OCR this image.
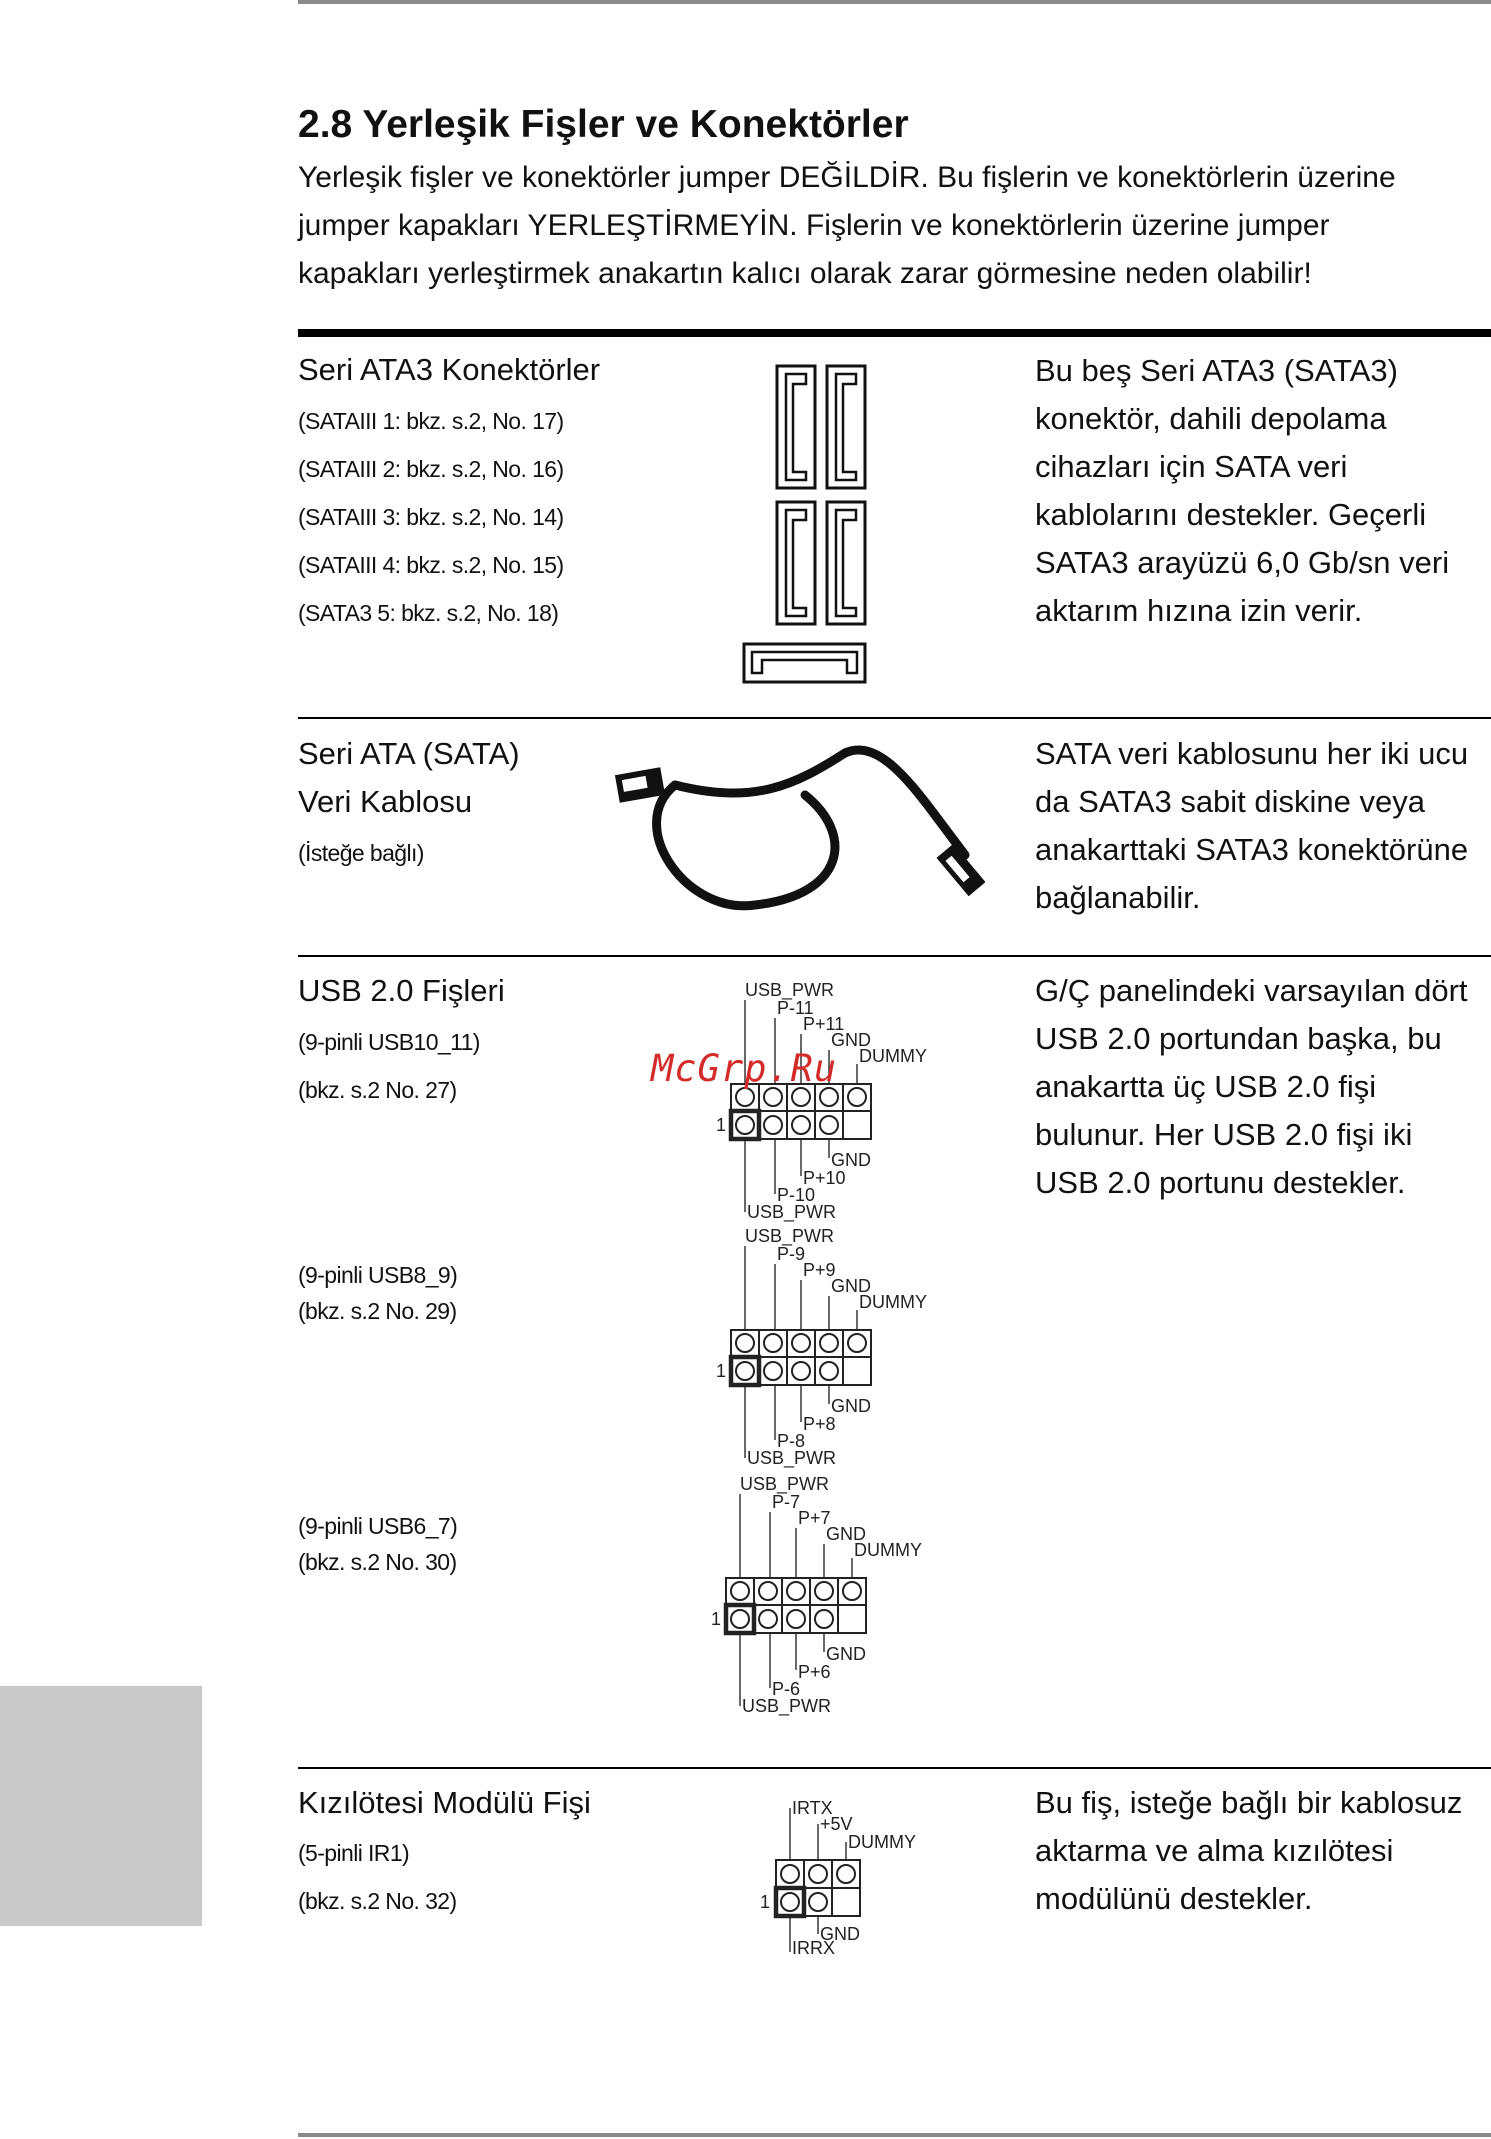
2.8 Yerleşik Fişler ve Konektörler
Yerleşik fişler ve konektörler jumper DEĞİLDİR. Bu fişlerin ve konektörlerin üzerine
jumper kapakları YERLEŞTİRMEYİN. Fişlerin ve konektörlerin üzerine jumper
kapakları yerleştirmek anakartın kalıcı olarak zarar görmesine neden olabilir!
Seri ATA3 Konektörler
(SATAIII 1: bkz. s.2, No. 17)
(SATAIII 2: bkz. s.2, No. 16)
(SATAIII 3: bkz. s.2, No. 14)
(SATAIII 4: bkz. s.2, No. 15)
(SATA3 5: bkz. s.2, No. 18)
Bu beş Seri ATA3 (SATA3)
konektör, dahili depolama
cihazları için SATA veri
kablolarını destekler. Geçerli
SATA3 arayüzü 6,0 Gb/sn veri
aktarım hızına izin verir.
Seri ATA (SATA)
Veri Kablosu
(İsteğe bağlı)
SATA veri kablosunu her iki ucu
da SATA3 sabit diskine veya
anakarttaki SATA3 konektörüne
bağlanabilir.
USB 2.0 Fişleri
(9-pinli USB10_11)
(bkz. s.2 No. 27)
(9-pinli USB8_9)
(bkz. s.2 No. 29)
(9-pinli USB6_7)
(bkz. s.2 No. 30)
USB_PWR
P-11
P+11
GND
DUMMY
1
GND
P+10
P-10
USB_PWR
USB_PWR
P-9
P+9
GND
DUMMY
1
GND
P+8
P-8
USB_PWR
USB_PWR
P-7
P+7
GND
DUMMY
1
GND
P+6
P-6
USB_PWR
McGrp.Ru
G/Ç panelindeki varsayılan dört
USB 2.0 portundan başka, bu
anakartta üç USB 2.0 fişi
bulunur. Her USB 2.0 fişi iki
USB 2.0 portunu destekler.
Kızılötesi Modülü Fişi
(5-pinli IR1)
(bkz. s.2 No. 32)
IRTX
+5V
DUMMY
1
GND
IRRX
Bu fiş, isteğe bağlı bir kablosuz
aktarma ve alma kızılötesi
modülünü destekler.
